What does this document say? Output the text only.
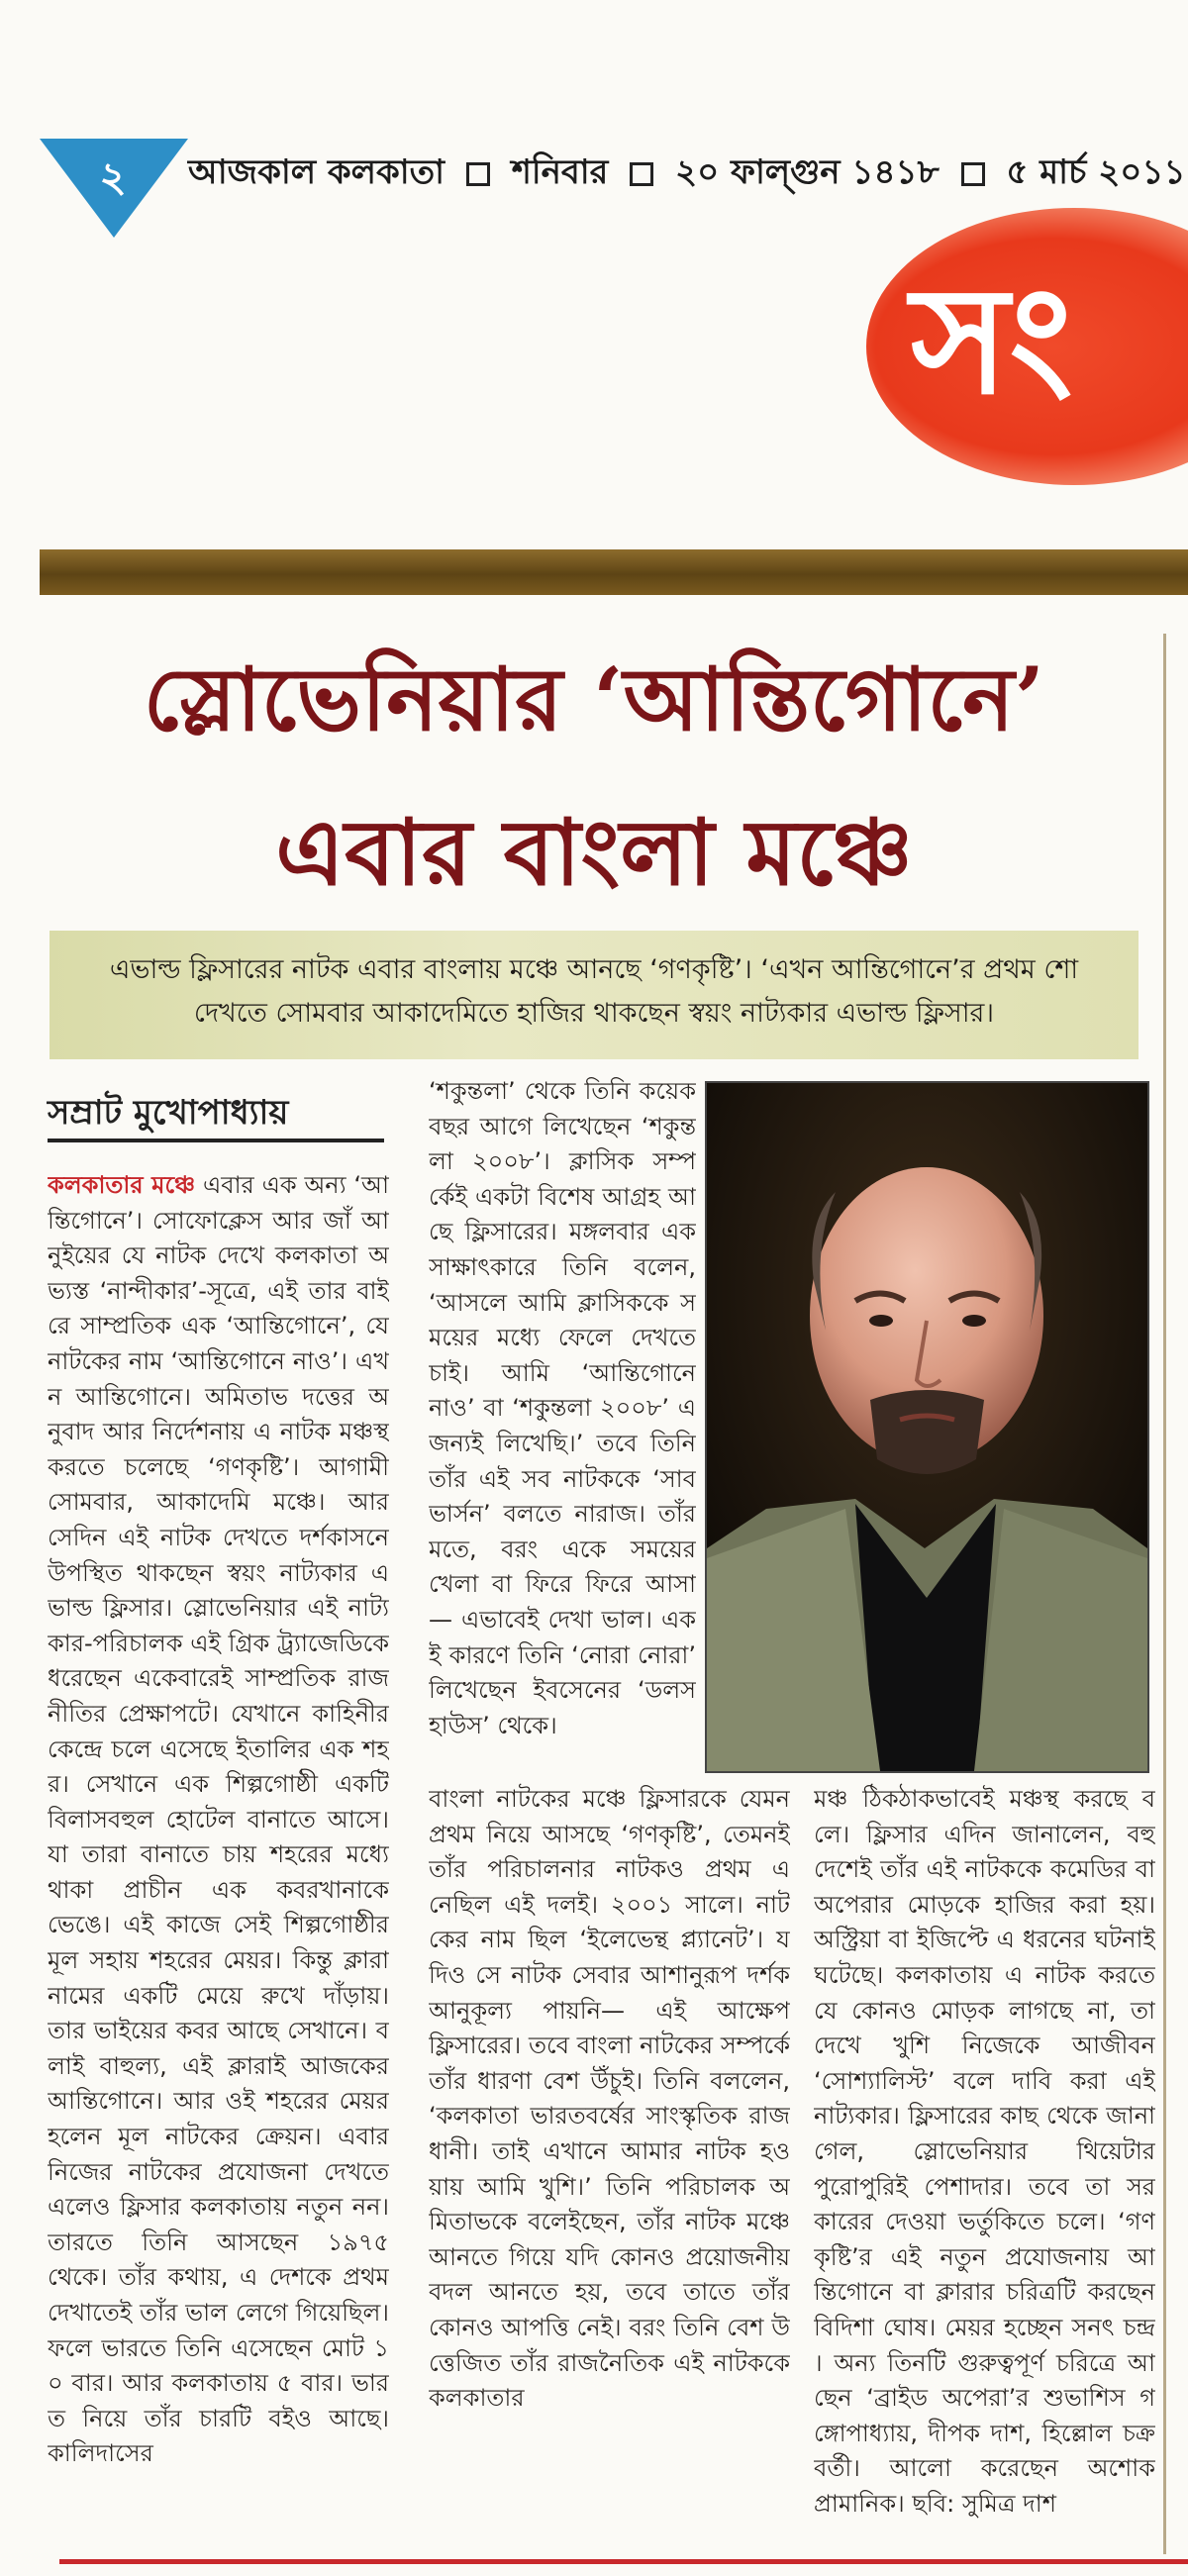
২	আজকাল কলকাতা শনিবার ২০ ফাল্গুন ১৪১৮ ৫ মার্চ ২০১১
সং
স্লোভেনিয়ার ‘আন্তিগোনে’
এবার বাংলা মঞ্চে
এভাল্ড ফ্লিসারের নাটক এবার বাংলায় মঞ্চে আনছে ‘গণকৃষ্টি’। ‘এখন আন্তিগোনে’র প্রথম শো দেখতে সোমবার আকাদেমিতে হাজির থাকছেন স্বয়ং নাট্যকার এভাল্ড ফ্লিসার।
সম্রাট মুখোপাধ্যায়
কলকাতার মঞ্চে এবার এক অন্য ‘আন্তিগোনে’। সোফোক্লেস আর জাঁ আনুইয়ের যে নাটক দেখে কলকাতা অভ্যস্ত ‘নান্দীকার’-সূত্রে, এই তার বাইরে সাম্প্রতিক এক ‘আন্তিগোনে’, যে নাটকের নাম ‘আন্তিগোনে নাও’। এখন আন্তিগোনে। অমিতাভ দত্তের অনুবাদ আর নির্দেশনায় এ নাটক মঞ্চস্থ করতে চলেছে ‘গণকৃষ্টি’। আগামী সোমবার, আকাদেমি মঞ্চে। আর সেদিন এই নাটক দেখতে দর্শকাসনে উপস্থিত থাকছেন স্বয়ং নাট্যকার এভাল্ড ফ্লিসার। স্লোভেনিয়ার এই নাট্যকার-পরিচালক এই গ্রিক ট্র্যাজেডিকে ধরেছেন একেবারেই সাম্প্রতিক রাজনীতির প্রেক্ষাপটে। যেখানে কাহিনীর কেন্দ্রে চলে এসেছে ইতালির এক শহর। সেখানে এক শিল্পগোষ্ঠী একটি বিলাসবহুল হোটেল বানাতে আসে। যা তারা বানাতে চায় শহরের মধ্যে থাকা প্রাচীন এক কবরখানাকে ভেঙে। এই কাজে সেই শিল্পগোষ্ঠীর মূল সহায় শহরের মেয়র। কিন্তু ক্লারা নামের একটি মেয়ে রুখে দাঁড়ায়। তার ভাইয়ের কবর আছে সেখানে। বলাই বাহুল্য, এই ক্লারাই আজকের আন্তিগোনে। আর ওই শহরের মেয়র হলেন মূল নাটকের ক্রেয়ন। এবার নিজের নাটকের প্রযোজনা দেখতে এলেও ফ্লিসার কলকাতায় নতুন নন। তারতে তিনি আসছেন ১৯৭৫ থেকে। তাঁর কথায়, এ দেশকে প্রথম দেখাতেই তাঁর ভাল লেগে গিয়েছিল। ফলে ভারতে তিনি এসেছেন মোট ১০ বার। আর কলকাতায় ৫ বার। ভারত নিয়ে তাঁর চারটি বইও আছে। কালিদাসের
‘শকুন্তলা’ থেকে তিনি কয়েক বছর আগে লিখেছেন ‘শকুন্তলা ২০০৮’। ক্লাসিক সম্পর্কেই একটা বিশেষ আগ্রহ আছে ফ্লিসারের। মঙ্গলবার এক সাক্ষাৎকারে তিনি বলেন, ‘আসলে আমি ক্লাসিককে সময়ের মধ্যে ফেলে দেখতে চাই। আমি ‘আন্তিগোনে নাও’ বা ‘শকুন্তলা ২০০৮’ এ জন্যই লিখেছি।’ তবে তিনি তাঁর এই সব নাটককে ‘সাবভার্সন’ বলতে নারাজ। তাঁর মতে, বরং একে সময়ের খেলা বা ফিরে ফিরে আসা— এভাবেই দেখা ভাল। একই কারণে তিনি ‘নোরা নোরা’ লিখেছেন ইবসেনের ‘ডলস হাউস’ থেকে।
বাংলা নাটকের মঞ্চে ফ্লিসারকে যেমন প্রথম নিয়ে আসছে ‘গণকৃষ্টি’, তেমনই তাঁর পরিচালনার নাটকও প্রথম এনেছিল এই দলই। ২০০১ সালে। নাটকের নাম ছিল ‘ইলেভেন্থ প্ল্যানেট’। যদিও সে নাটক সেবার আশানুরূপ দর্শক আনুকূল্য পায়নি— এই আক্ষেপ ফ্লিসারের। তবে বাংলা নাটকের সম্পর্কে তাঁর ধারণা বেশ উঁচুই। তিনি বললেন, ‘কলকাতা ভারতবর্ষের সাংস্কৃতিক রাজধানী। তাই এখানে আমার নাটক হওয়ায় আমি খুশি।’ তিনি পরিচালক অমিতাভকে বলেইছেন, তাঁর নাটক মঞ্চে আনতে গিয়ে যদি কোনও প্রয়োজনীয় বদল আনতে হয়, তবে তাতে তাঁর কোনও আপত্তি নেই। বরং তিনি বেশ উত্তেজিত তাঁর রাজনৈতিক এই নাটককে কলকাতার
মঞ্চ ঠিকঠাকভাবেই মঞ্চস্থ করছে বলে। ফ্লিসার এদিন জানালেন, বহু দেশেই তাঁর এই নাটককে কমেডির বা অপেরার মোড়কে হাজির করা হয়। অস্ট্রিয়া বা ইজিপ্টে এ ধরনের ঘটনাই ঘটেছে। কলকাতায় এ নাটক করতে যে কোনও মোড়ক লাগছে না, তা দেখে খুশি নিজেকে আজীবন ‘সোশ্যালিস্ট’ বলে দাবি করা এই নাট্যকার। ফ্লিসারের কাছ থেকে জানা গেল, স্লোভেনিয়ার থিয়েটার পুরোপুরিই পেশাদার। তবে তা সরকারের দেওয়া ভর্তুকিতে চলে। ‘গণকৃষ্টি’র এই নতুন প্রযোজনায় আন্তিগোনে বা ক্লারার চরিত্রটি করছেন বিদিশা ঘোষ। মেয়র হচ্ছেন সনৎ চন্দ্র। অন্য তিনটি গুরুত্বপূর্ণ চরিত্রে আছেন ‘ব্রাইড অপেরা’র শুভাশিস গঙ্গোপাধ্যায়, দীপক দাশ, হিল্লোল চক্রবর্তী। আলো করেছেন অশোক প্রামানিক। ছবি: সুমিত্র দাশ
